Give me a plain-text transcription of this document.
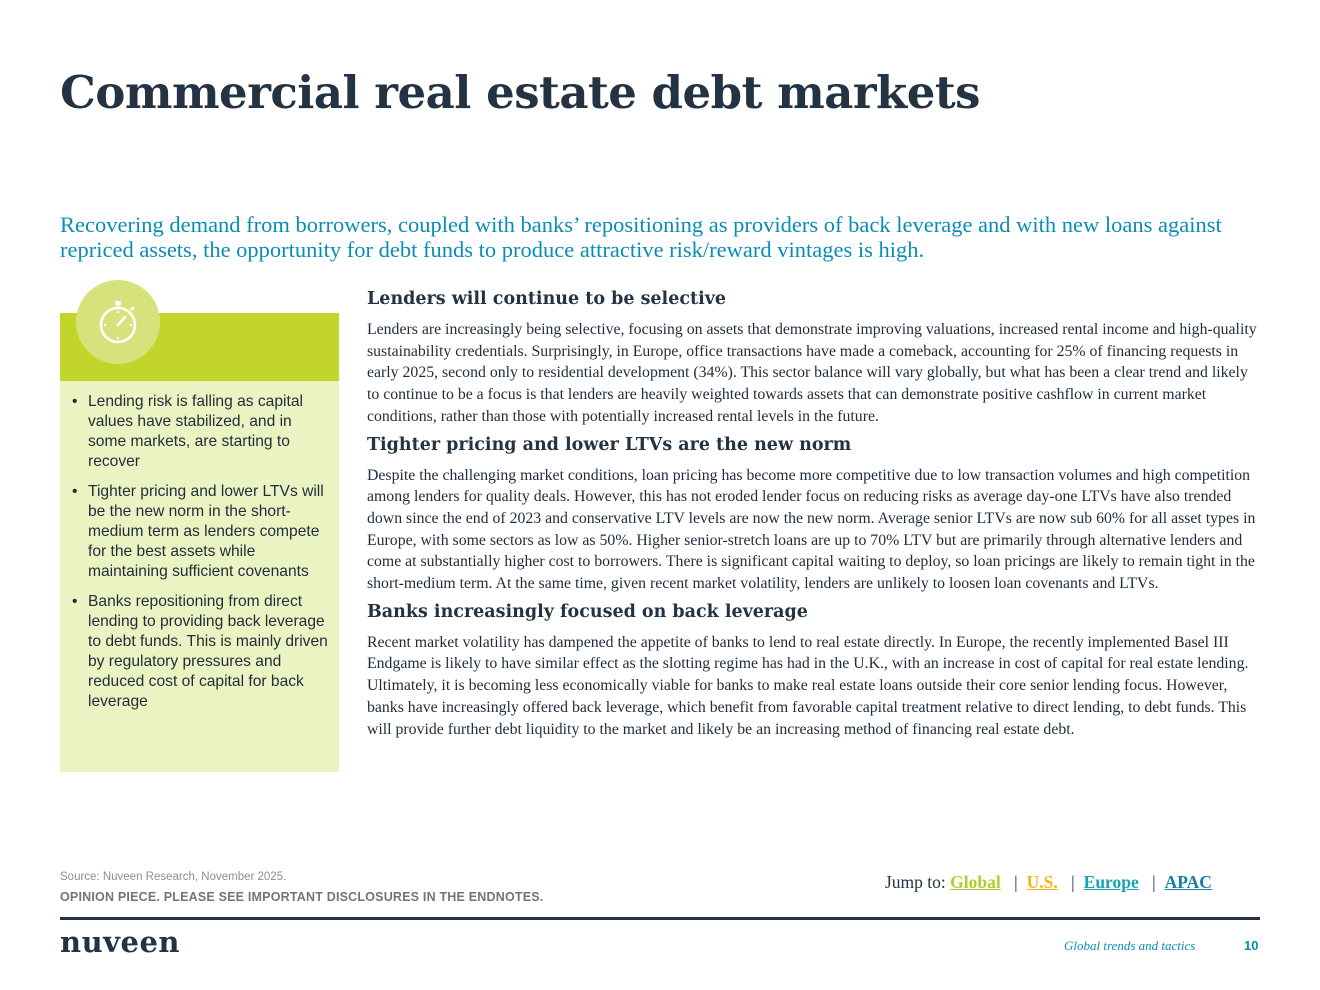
Commercial real estate debt markets

Recovering demand from borrowers, coupled with banks’ repositioning as providers of back leverage and with new loans against repriced assets, the opportunity for debt funds to produce attractive risk/reward vintages is high.

• Lending risk is falling as capital values have stabilized, and in some markets, are starting to recover
• Tighter pricing and lower LTVs will be the new norm in the short-medium term as lenders compete for the best assets while maintaining sufficient covenants
• Banks repositioning from direct lending to providing back leverage to debt funds. This is mainly driven by regulatory pressures and reduced cost of capital for back leverage
Lenders will continue to be selective

Lenders are increasingly being selective, focusing on assets that demonstrate improving valuations, increased rental income and high-quality sustainability credentials. Surprisingly, in Europe, office transactions have made a comeback, accounting for 25% of financing requests in early 2025, second only to residential development (34%). This sector balance will vary globally, but what has been a clear trend and likely to continue to be a focus is that lenders are heavily weighted towards assets that can demonstrate positive cashflow in current market conditions, rather than those with potentially increased rental levels in the future.

Tighter pricing and lower LTVs are the new norm

Despite the challenging market conditions, loan pricing has become more competitive due to low transaction volumes and high competition among lenders for quality deals. However, this has not eroded lender focus on reducing risks as average day-one LTVs have also trended down since the end of 2023 and conservative LTV levels are now the new norm. Average senior LTVs are now sub 60% for all asset types in Europe, with some sectors as low as 50%. Higher senior-stretch loans are up to 70% LTV but are primarily through alternative lenders and come at substantially higher cost to borrowers. There is significant capital waiting to deploy, so loan pricings are likely to remain tight in the short-medium term. At the same time, given recent market volatility, lenders are unlikely to loosen loan covenants and LTVs.

Banks increasingly focused on back leverage

Recent market volatility has dampened the appetite of banks to lend to real estate directly. In Europe, the recently implemented Basel III Endgame is likely to have similar effect as the slotting regime has had in the U.K., with an increase in cost of capital for real estate lending. Ultimately, it is becoming less economically viable for banks to make real estate loans outside their core senior lending focus. However, banks have increasingly offered back leverage, which benefit from favorable capital treatment relative to direct lending, to debt funds. This will provide further debt liquidity to the market and likely be an increasing method of financing real estate debt.

Source: Nuveen Research, November 2025.
OPINION PIECE. PLEASE SEE IMPORTANT DISCLOSURES IN THE ENDNOTES.
Jump to: Global | U.S. | Europe | APAC
nuveen	Global trends and tactics	10
